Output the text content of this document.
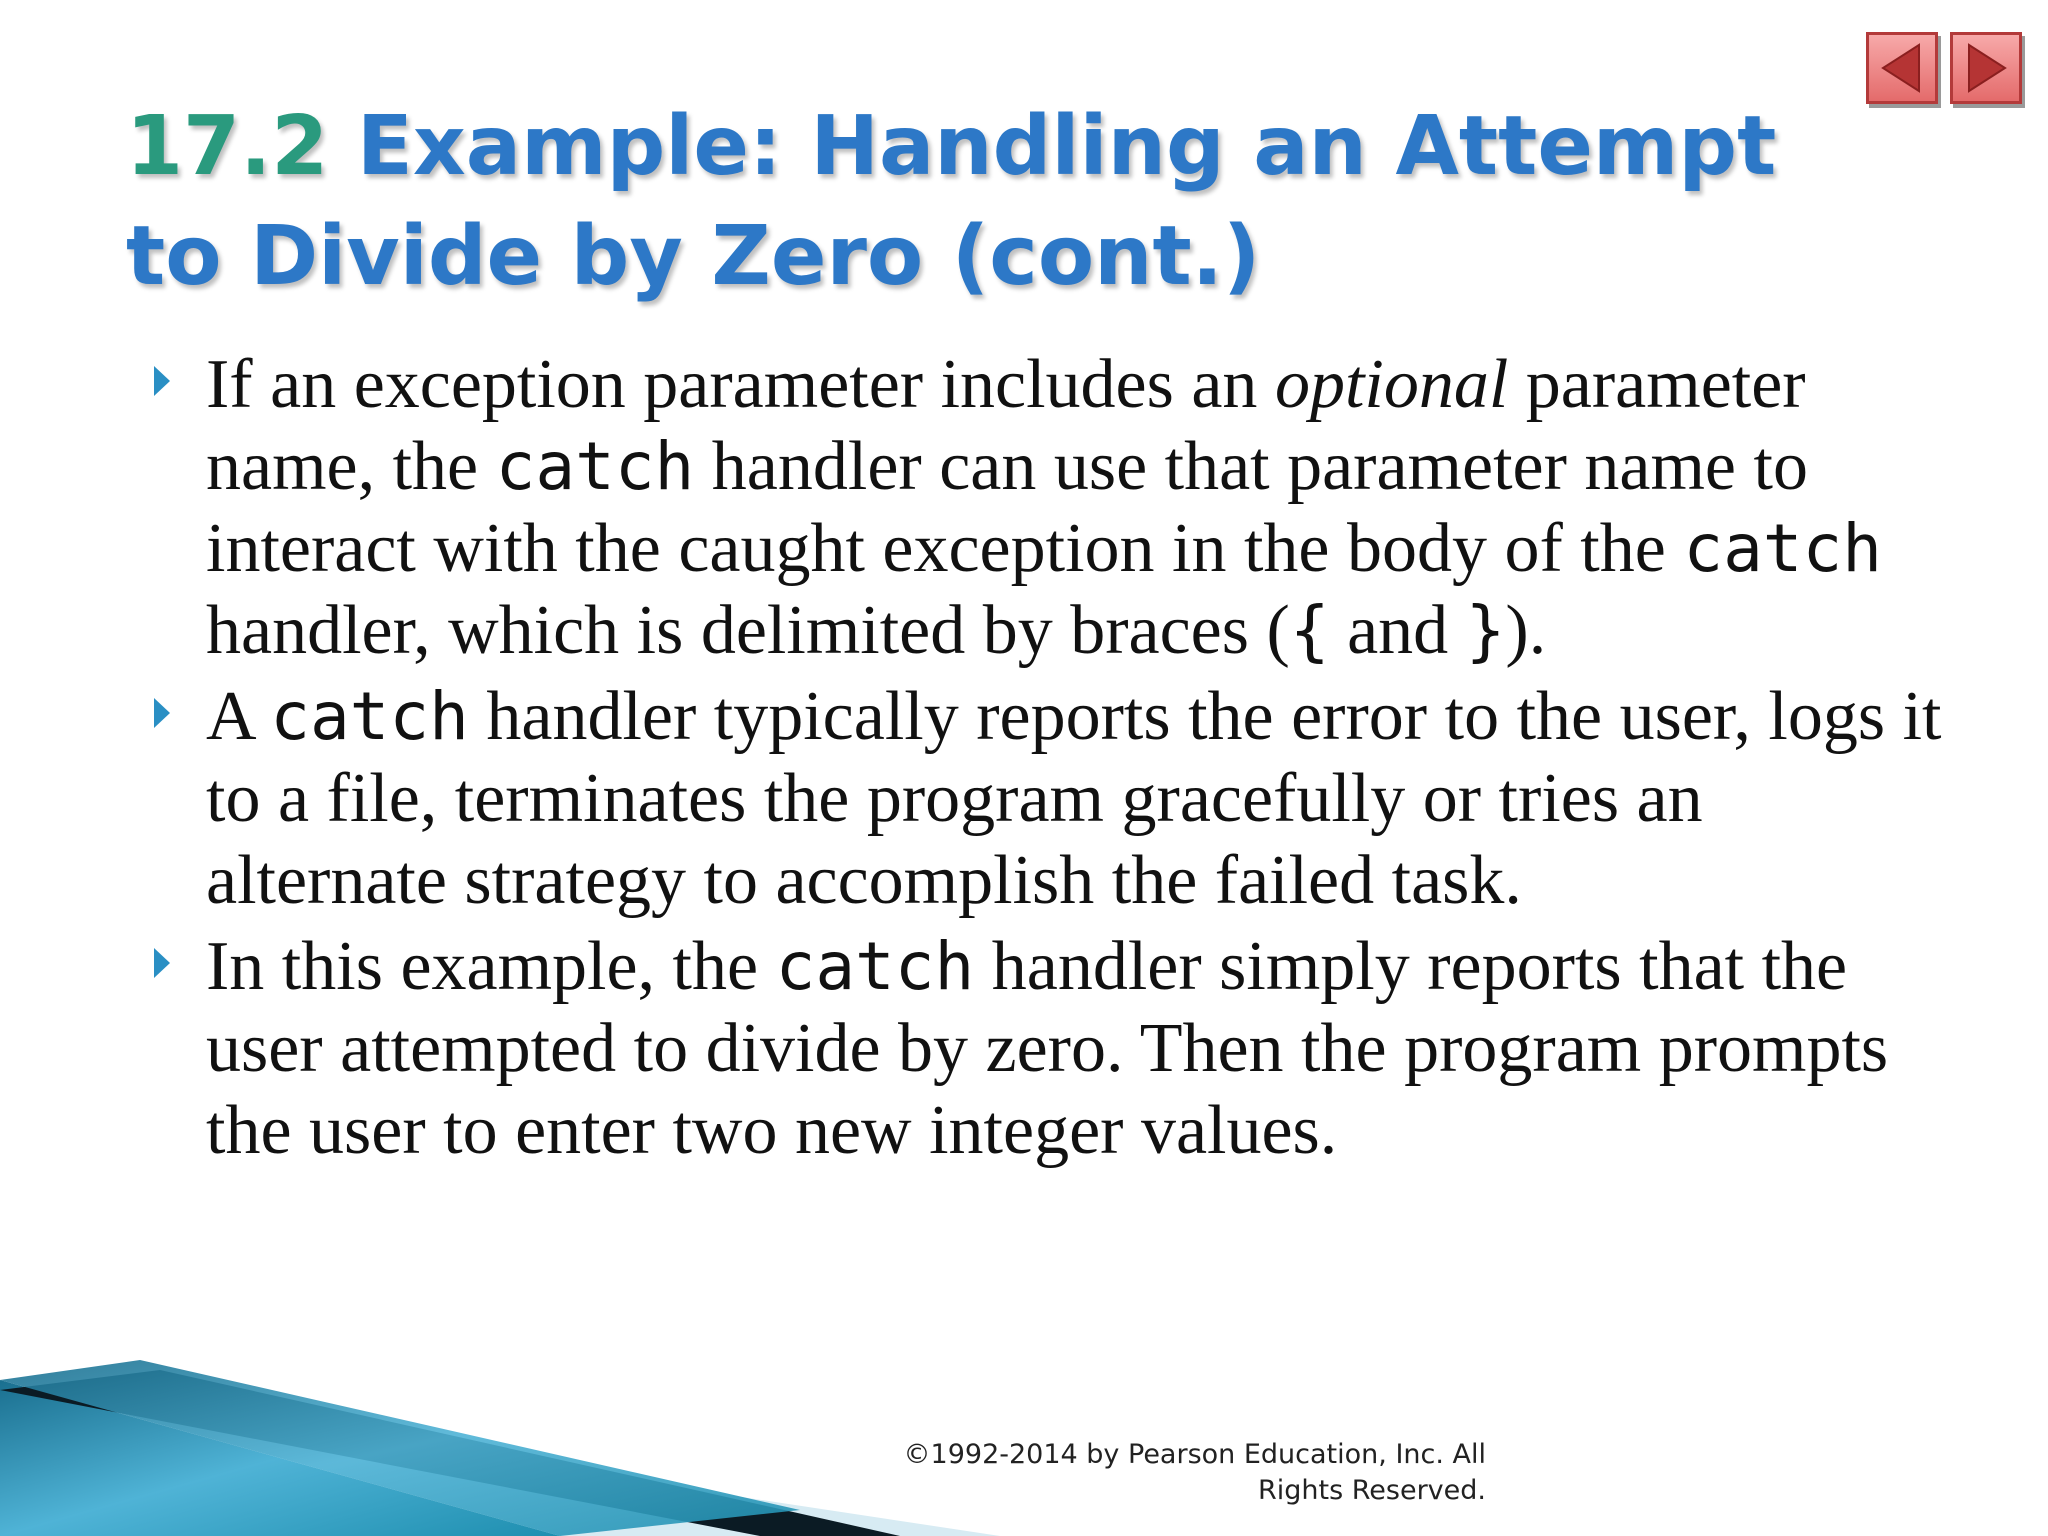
17.2 Example: Handling an Attempt to Divide by Zero (cont.)
If an exception parameter includes an optional parameter name, the catch handler can use that parameter name to interact with the caught exception in the body of the catch handler, which is delimited by braces ({ and }).
A catch handler typically reports the error to the user, logs it to a file, terminates the program gracefully or tries an alternate strategy to accomplish the failed task.
In this example, the catch handler simply reports that the user attempted to divide by zero. Then the program prompts the user to enter two new integer values.
©1992-2014 by Pearson Education, Inc. All
Rights Reserved.
